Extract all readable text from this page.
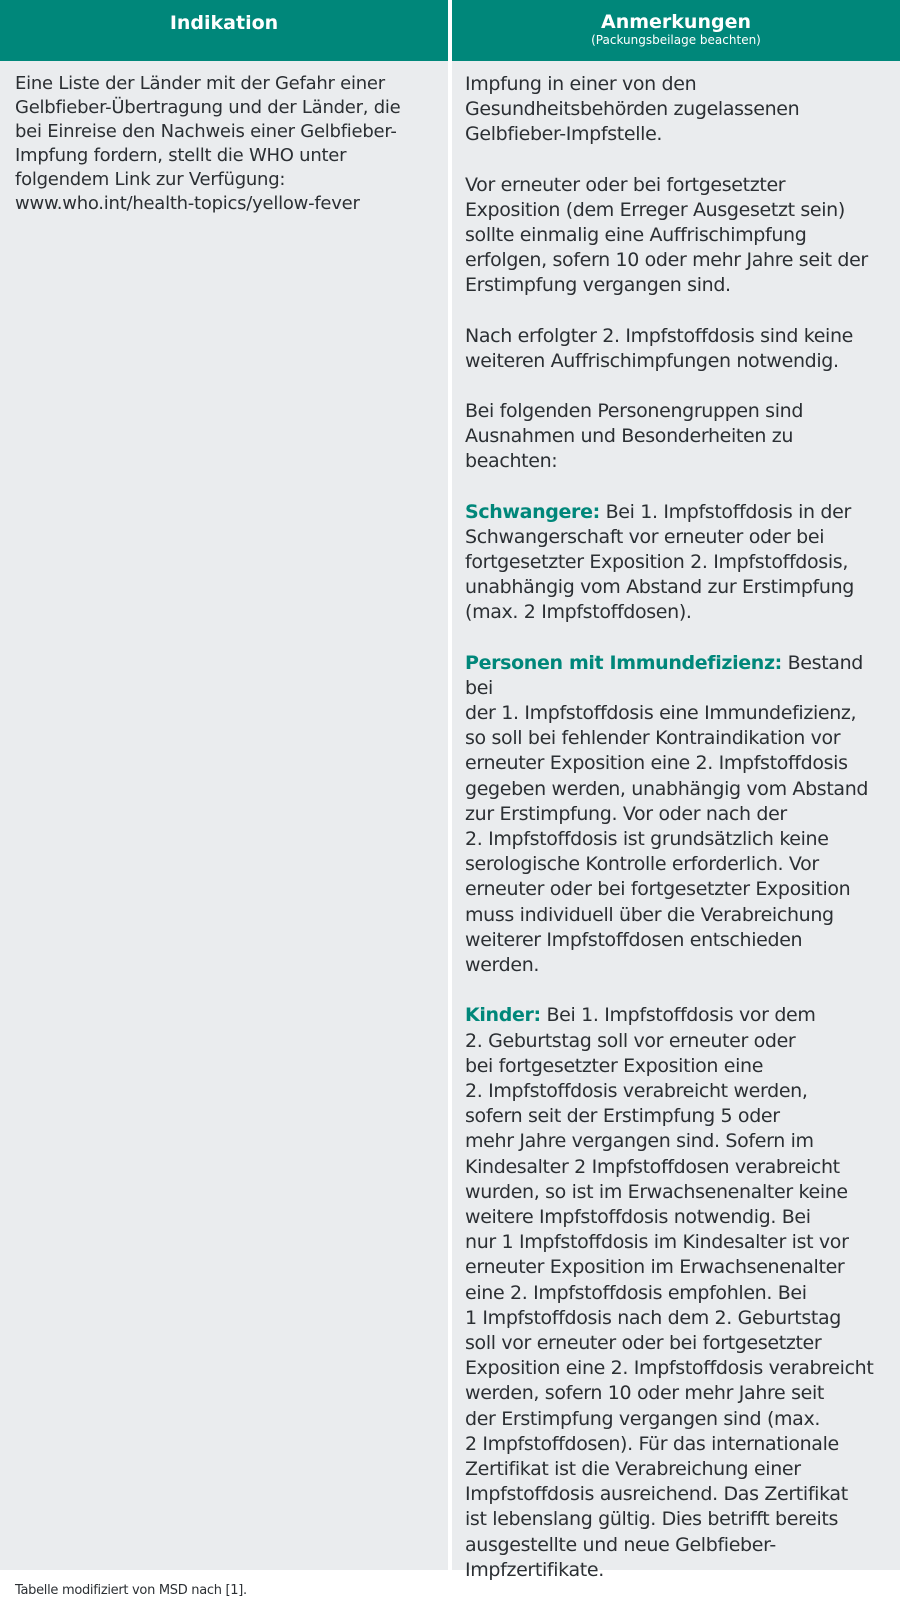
Indikation	Anmerkungen
(Packungsbeilage beachten)

Eine Liste der Länder mit der Gefahr einer
Gelbfieber-Übertragung und der Länder, die
bei Einreise den Nachweis einer Gelbfieber-
Impfung fordern, stellt die WHO unter
folgendem Link zur Verfügung:
www.who.int/health-topics/yellow-fever

Impfung in einer von den
Gesundheitsbehörden zugelassenen
Gelbfieber-Impfstelle.

Vor erneuter oder bei fortgesetzter
Exposition (dem Erreger Ausgesetzt sein)
sollte einmalig eine Auffrischimpfung
erfolgen, sofern 10 oder mehr Jahre seit der
Erstimpfung vergangen sind.

Nach erfolgter 2. Impfstoffdosis sind keine
weiteren Auffrischimpfungen notwendig.

Bei folgenden Personengruppen sind
Ausnahmen und Besonderheiten zu
beachten:

Schwangere: Bei 1. Impfstoffdosis in der
Schwangerschaft vor erneuter oder bei
fortgesetzter Exposition 2. Impfstoffdosis,
unabhängig vom Abstand zur Erstimpfung
(max. 2 Impfstoffdosen).

Personen mit Immundefizienz: Bestand bei
der 1. Impfstoffdosis eine Immundefizienz,
so soll bei fehlender Kontraindikation vor
erneuter Exposition eine 2. Impfstoffdosis
gegeben werden, unabhängig vom Abstand
zur Erstimpfung. Vor oder nach der
2. Impfstoffdosis ist grundsätzlich keine
serologische Kontrolle erforderlich. Vor
erneuter oder bei fortgesetzter Exposition
muss individuell über die Verabreichung
weiterer Impfstoffdosen entschieden
werden.

Kinder: Bei 1. Impfstoffdosis vor dem
2. Geburtstag soll vor erneuter oder
bei fortgesetzter Exposition eine
2. Impfstoffdosis verabreicht werden,
sofern seit der Erstimpfung 5 oder
mehr Jahre vergangen sind. Sofern im
Kindesalter 2 Impfstoffdosen verabreicht
wurden, so ist im Erwachsenenalter keine
weitere Impfstoffdosis notwendig. Bei
nur 1 Impfstoffdosis im Kindesalter ist vor
erneuter Exposition im Erwachsenenalter
eine 2. Impfstoffdosis empfohlen. Bei
1 Impfstoffdosis nach dem 2. Geburtstag
soll vor erneuter oder bei fortgesetzter
Exposition eine 2. Impfstoffdosis verabreicht
werden, sofern 10 oder mehr Jahre seit
der Erstimpfung vergangen sind (max.
2 Impfstoffdosen). Für das internationale
Zertifikat ist die Verabreichung einer
Impfstoffdosis ausreichend. Das Zertifikat
ist lebenslang gültig. Dies betrifft bereits
ausgestellte und neue Gelbfieber-
Impfzertifikate.

Tabelle modifiziert von MSD nach [1].
